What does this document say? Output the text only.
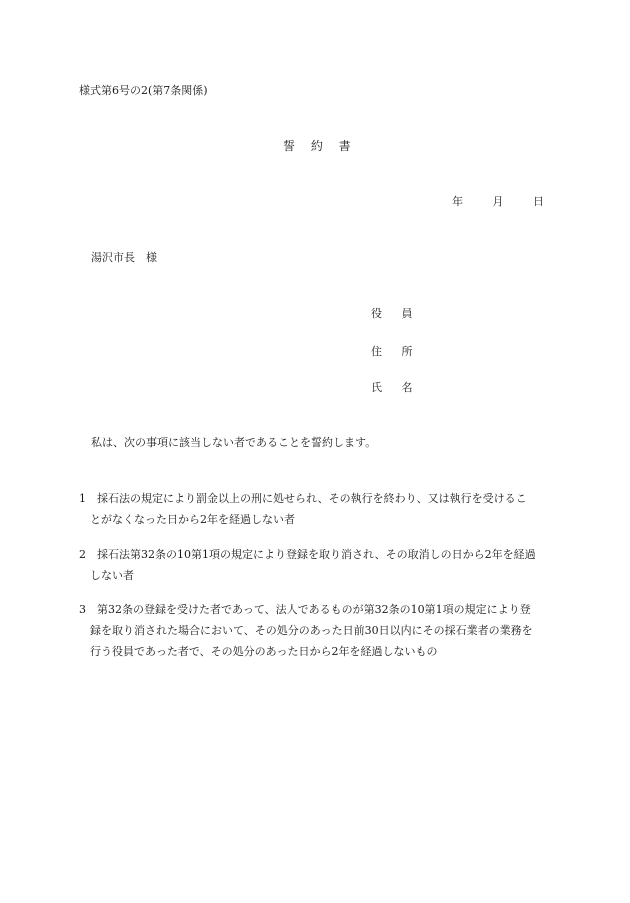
様式第6号の2(第7条関係)
誓 約 書
年	月	日
湯沢市長　様
役 員
住 所
氏 名
私は、次の事項に該当しない者であることを誓約します。
1　採石法の規定により罰金以上の刑に処せられ、その執行を終わり、又は執行を受けるこ
　とがなくなった日から2年を経過しない者
2　採石法第32条の10第1項の規定により登録を取り消され、その取消しの日から2年を経過
　しない者
3　第32条の登録を受けた者であって、法人であるものが第32条の10第1項の規定により登
　録を取り消された場合において、その処分のあった日前30日以内にその採石業者の業務を
　行う役員であった者で、その処分のあった日から2年を経過しないもの
